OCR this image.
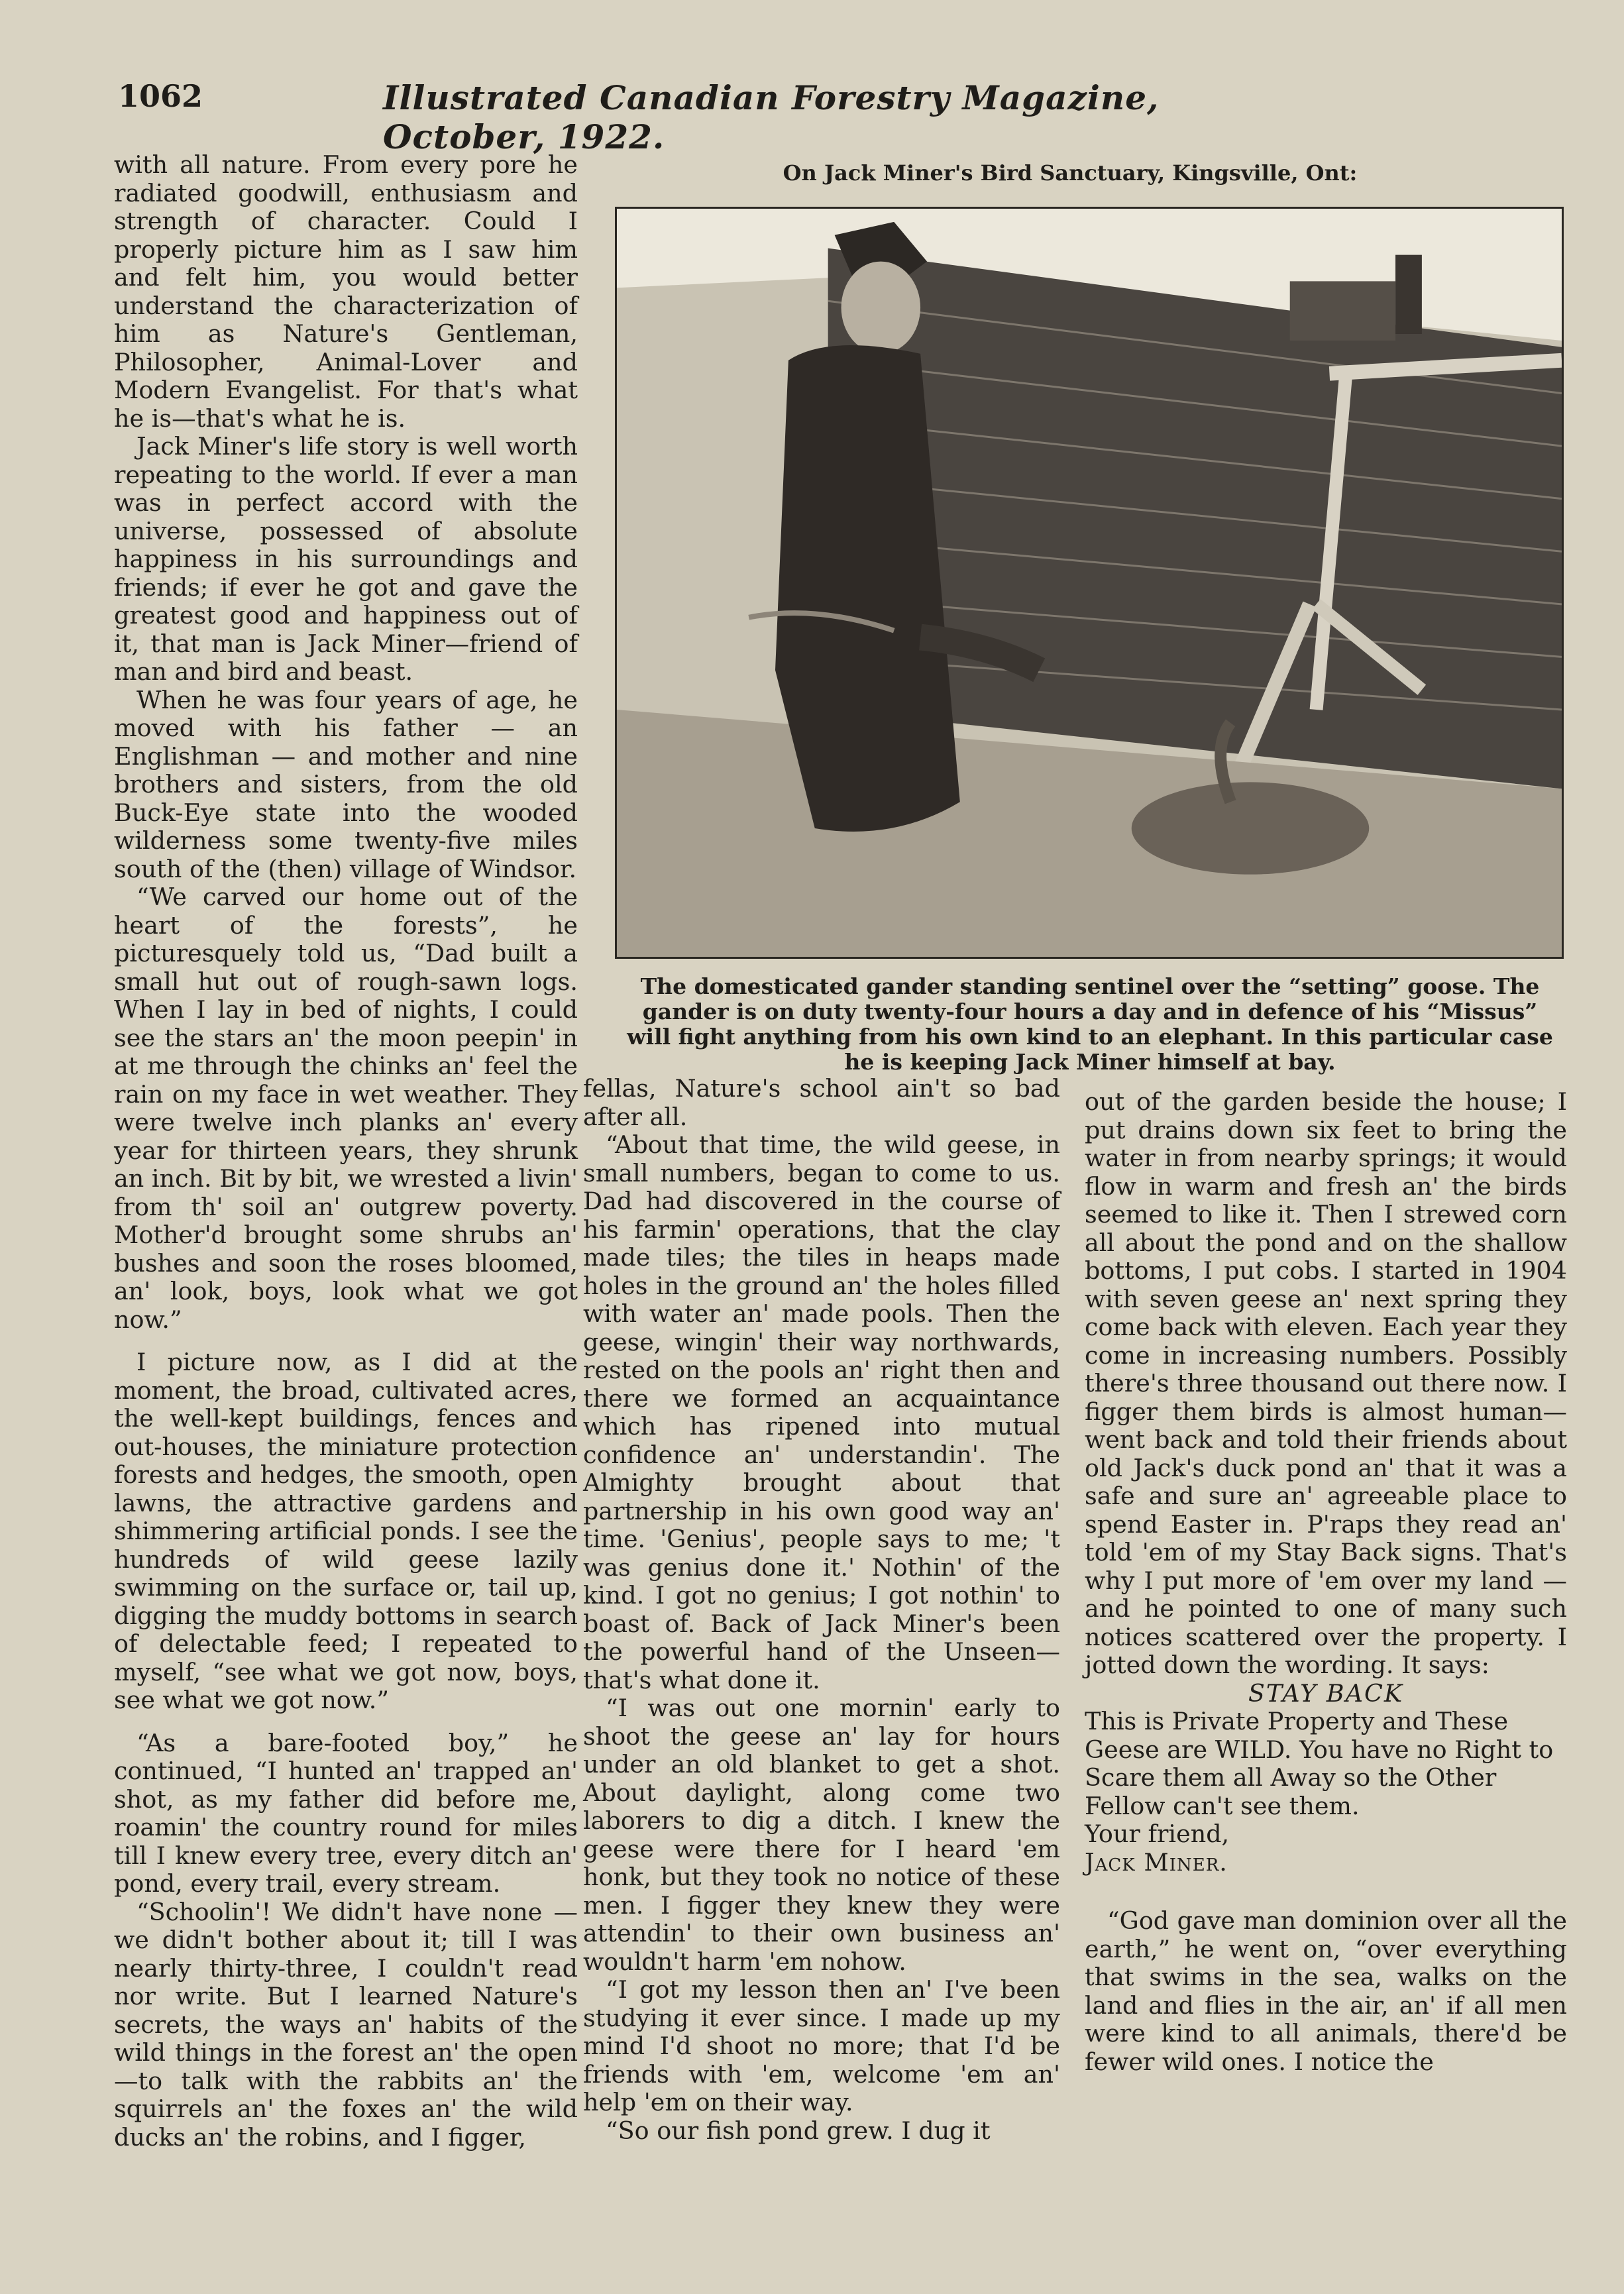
1062	Illustrated Canadian Forestry Magazine, October, 1922.

with all nature. From every pore he radiated goodwill, enthusiasm and strength of character. Could I properly picture him as I saw him and felt him, you would better understand the characterization of him as Nature's Gentleman, Philosopher, Animal-Lover and Modern Evangelist. For that's what he is—that's what he is.

Jack Miner's life story is well worth repeating to the world. If ever a man was in perfect accord with the universe, possessed of absolute happiness in his surroundings and friends; if ever he got and gave the greatest good and happiness out of it, that man is Jack Miner—friend of man and bird and beast.

When he was four years of age, he moved with his father — an Englishman — and mother and nine brothers and sisters, from the old Buck-Eye state into the wooded wilderness some twenty-five miles south of the (then) village of Windsor.

“We carved our home out of the heart of the forests”, he picturesquely told us, “Dad built a small hut out of rough-sawn logs. When I lay in bed of nights, I could see the stars an' the moon peepin' in at me through the chinks an' feel the rain on my face in wet weather. They were twelve inch planks an' every year for thirteen years, they shrunk an inch. Bit by bit, we wrested a livin' from th' soil an' outgrew poverty. Mother'd brought some shrubs an' bushes and soon the roses bloomed, an' look, boys, look what we got now.”

I picture now, as I did at the moment, the broad, cultivated acres, the well-kept buildings, fences and out-houses, the miniature protection forests and hedges, the smooth, open lawns, the attractive gardens and shimmering artificial ponds. I see the hundreds of wild geese lazily swimming on the surface or, tail up, digging the muddy bottoms in search of delectable feed; I repeated to myself, “see what we got now, boys, see what we got now.”

“As a bare-footed boy,” he continued, “I hunted an' trapped an' shot, as my father did before me, roamin' the country round for miles till I knew every tree, every ditch an' pond, every trail, every stream.

“Schoolin'! We didn't have none —we didn't bother about it; till I was nearly thirty-three, I couldn't read nor write. But I learned Nature's secrets, the ways an' habits of the wild things in the forest an' the open —to talk with the rabbits an' the squirrels an' the foxes an' the wild ducks an' the robins, and I figger,

On Jack Miner's Bird Sanctuary, Kingsville, Ont:
The domesticated gander standing sentinel over the “setting” goose. The gander is on duty twenty-four hours a day and in defence of his “Missus” will fight anything from his own kind to an elephant. In this particular case he is keeping Jack Miner himself at bay.

fellas, Nature's school ain't so bad after all.

“About that time, the wild geese, in small numbers, began to come to us. Dad had discovered in the course of his farmin' operations, that the clay made tiles; the tiles in heaps made holes in the ground an' the holes filled with water an' made pools. Then the geese, wingin' their way northwards, rested on the pools an' right then and there we formed an acquaintance which has ripened into mutual confidence an' understandin'. The Almighty brought about that partnership in his own good way an' time. 'Genius', people says to me; 't was genius done it.' Nothin' of the kind. I got no genius; I got nothin' to boast of. Back of Jack Miner's been the powerful hand of the Unseen—that's what done it.

“I was out one mornin' early to shoot the geese an' lay for hours under an old blanket to get a shot. About daylight, along come two laborers to dig a ditch. I knew the geese were there for I heard 'em honk, but they took no notice of these men. I figger they knew they were attendin' to their own business an' wouldn't harm 'em nohow.

“I got my lesson then an' I've been studying it ever since. I made up my mind I'd shoot no more; that I'd be friends with 'em, welcome 'em an' help 'em on their way.

“So our fish pond grew. I dug it

out of the garden beside the house; I put drains down six feet to bring the water in from nearby springs; it would flow in warm and fresh an' the birds seemed to like it. Then I strewed corn all about the pond and on the shallow bottoms, I put cobs. I started in 1904 with seven geese an' next spring they come back with eleven. Each year they come in increasing numbers. Possibly there's three thousand out there now. I figger them birds is almost human—went back and told their friends about old Jack's duck pond an' that it was a safe and sure an' agreeable place to spend Easter in. P'raps they read an' told 'em of my Stay Back signs. That's why I put more of 'em over my land — and he pointed to one of many such notices scattered over the property. I jotted down the wording. It says:

STAY BACK

This is Private Property and These Geese are WILD. You have no Right to Scare them all Away so the Other Fellow can't see them.

Your friend,

Jack Miner.

“God gave man dominion over all the earth,” he went on, “over everything that swims in the sea, walks on the land and flies in the air, an' if all men were kind to all animals, there'd be fewer wild ones. I notice the
